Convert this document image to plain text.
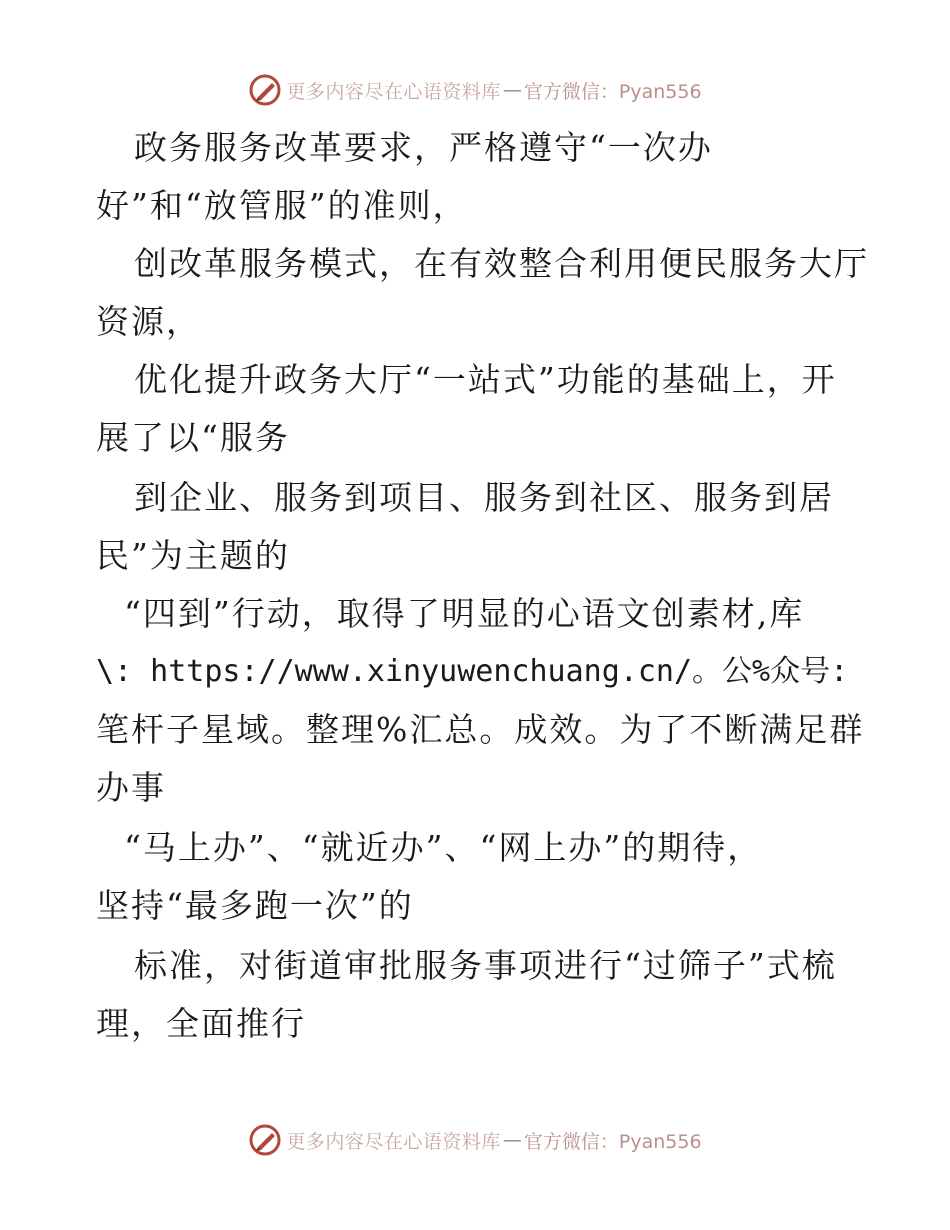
更多内容尽在心语资料库 — 官方微信：Pyan556
政务服务改革要求，严格遵守“一次办
好”和“放管服”的准则，
创改革服务模式，在有效整合利用便民服务大厅
资源，
优化提升政务大厅“一站式”功能的基础上，开
展了以“服务
到企业、服务到项目、服务到社区、服务到居
民”为主题的
“四到”行动，取得了明显的心语文创素材,库
\: https://www.xinyuwenchuang.cn/。公%众号:
笔杆子星域。整理%汇总。成效。为了不断满足群
办事
“马上办”、“就近办”、“网上办”的期待，
坚持“最多跑一次”的
标准，对街道审批服务事项进行“过筛子”式梳
理，全面推行
更多内容尽在心语资料库 — 官方微信：Pyan556
